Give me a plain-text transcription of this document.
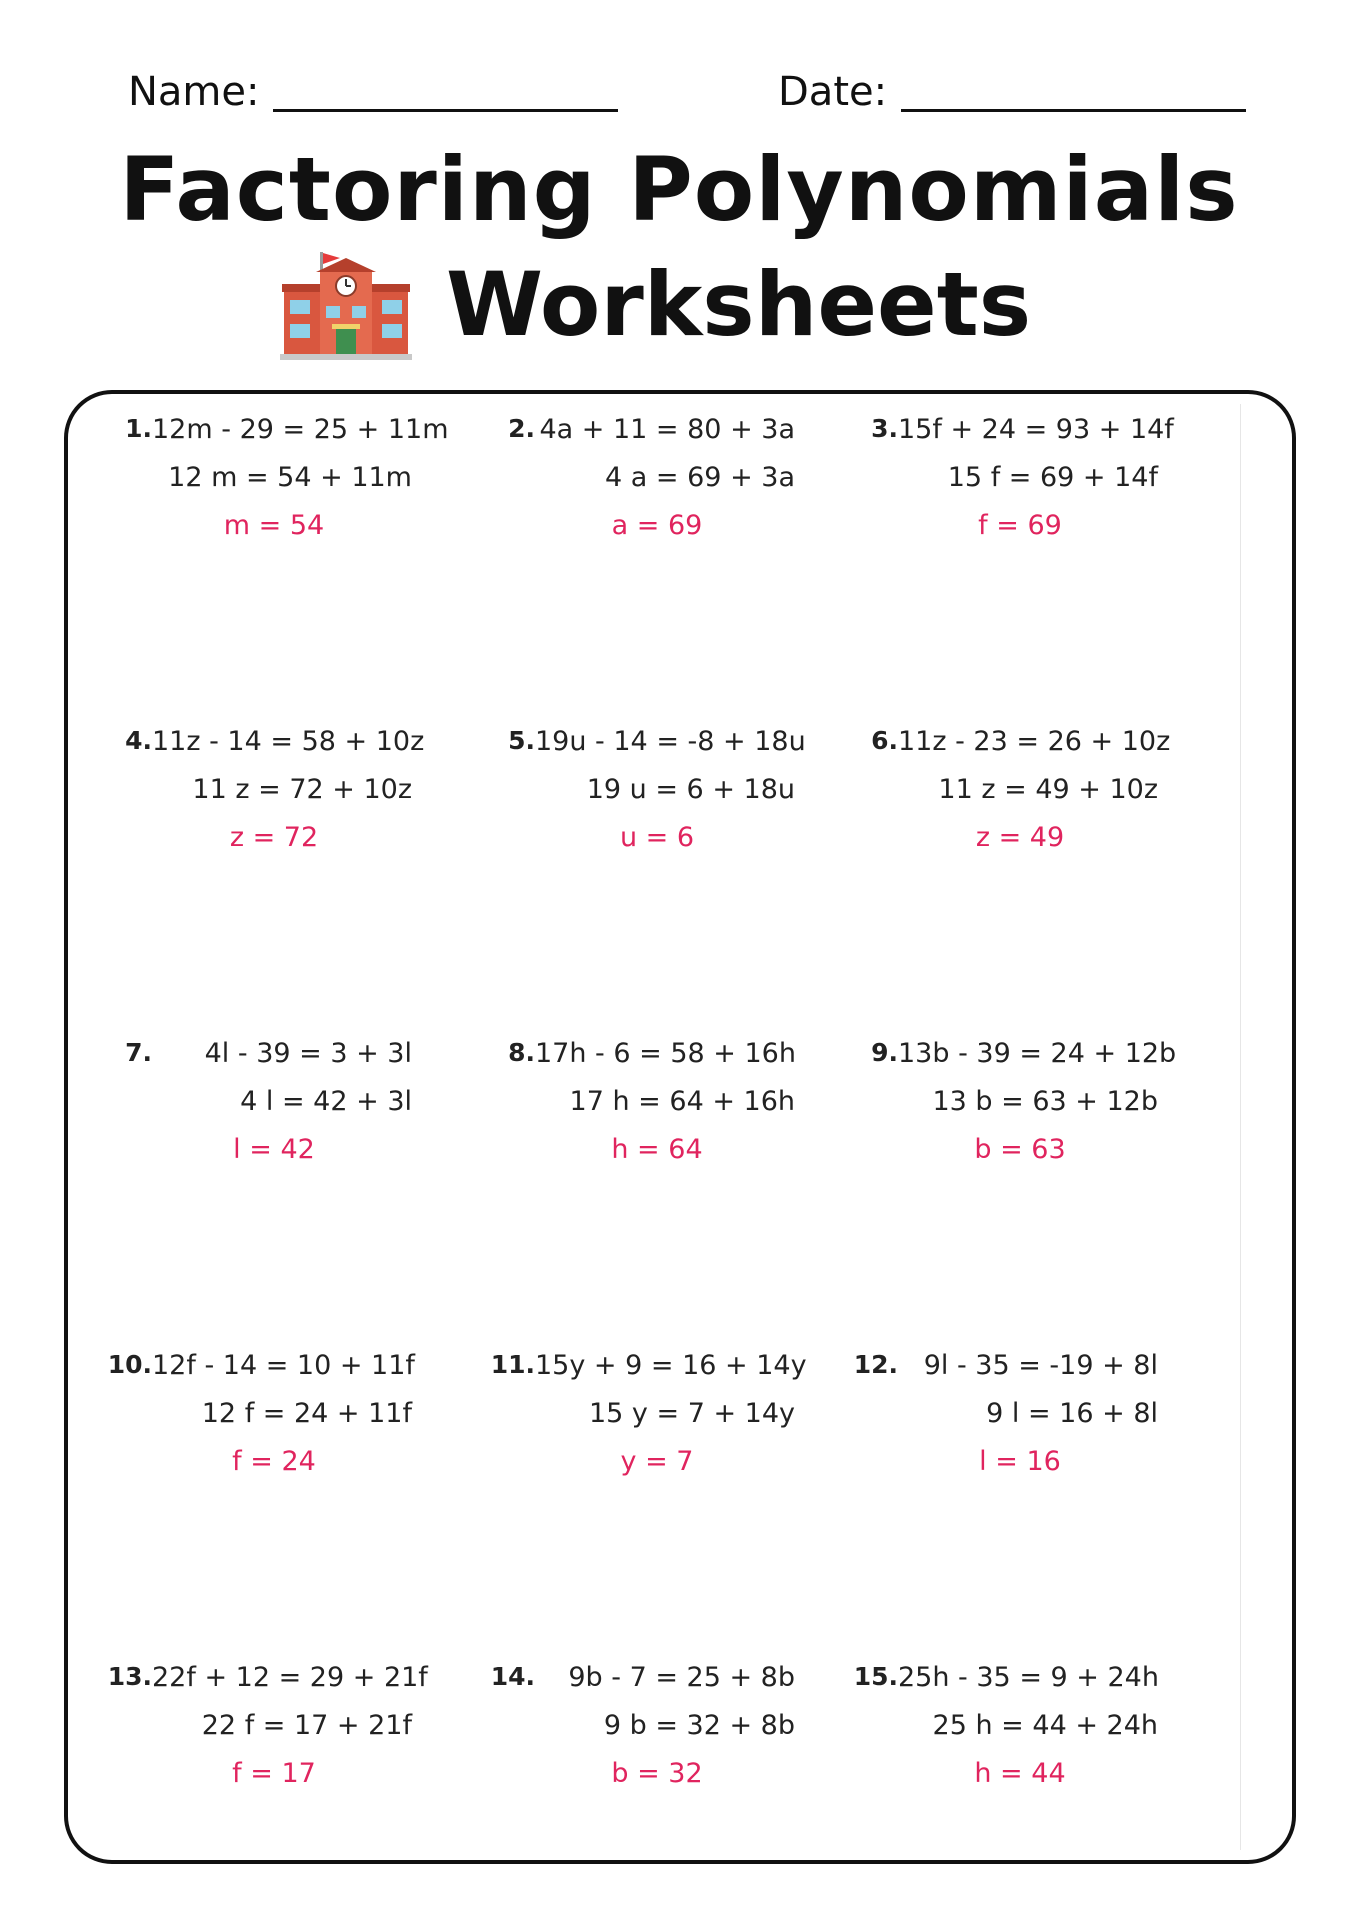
Name:	Date:
Factoring Polynomials
Worksheets
1. 12m - 29 = 25 + 11m
12 m = 54 + 11m
m = 54
2. 4a + 11 = 80 + 3a
4 a = 69 + 3a
a = 69
3. 15f + 24 = 93 + 14f
15 f = 69 + 14f
f = 69
4. 11z - 14 = 58 + 10z
11 z = 72 + 10z
z = 72
5. 19u - 14 = -8 + 18u
19 u = 6 + 18u
u = 6
6. 11z - 23 = 26 + 10z
11 z = 49 + 10z
z = 49
7.	4l - 39 = 3 + 3l
4 l = 42 + 3l
l = 42
8. 17h - 6 = 58 + 16h
17 h = 64 + 16h
h = 64
9. 13b - 39 = 24 + 12b
13 b = 63 + 12b
b = 63
10. 12f - 14 = 10 + 11f
12 f = 24 + 11f
f = 24
11. 15y + 9 = 16 + 14y
15 y = 7 + 14y
y = 7
12. 9l - 35 = -19 + 8l
9 l = 16 + 8l
l = 16
13. 22f + 12 = 29 + 21f
22 f = 17 + 21f
f = 17
14.	9b - 7 = 25 + 8b
9 b = 32 + 8b
b = 32
15. 25h - 35 = 9 + 24h
25 h = 44 + 24h
h = 44
